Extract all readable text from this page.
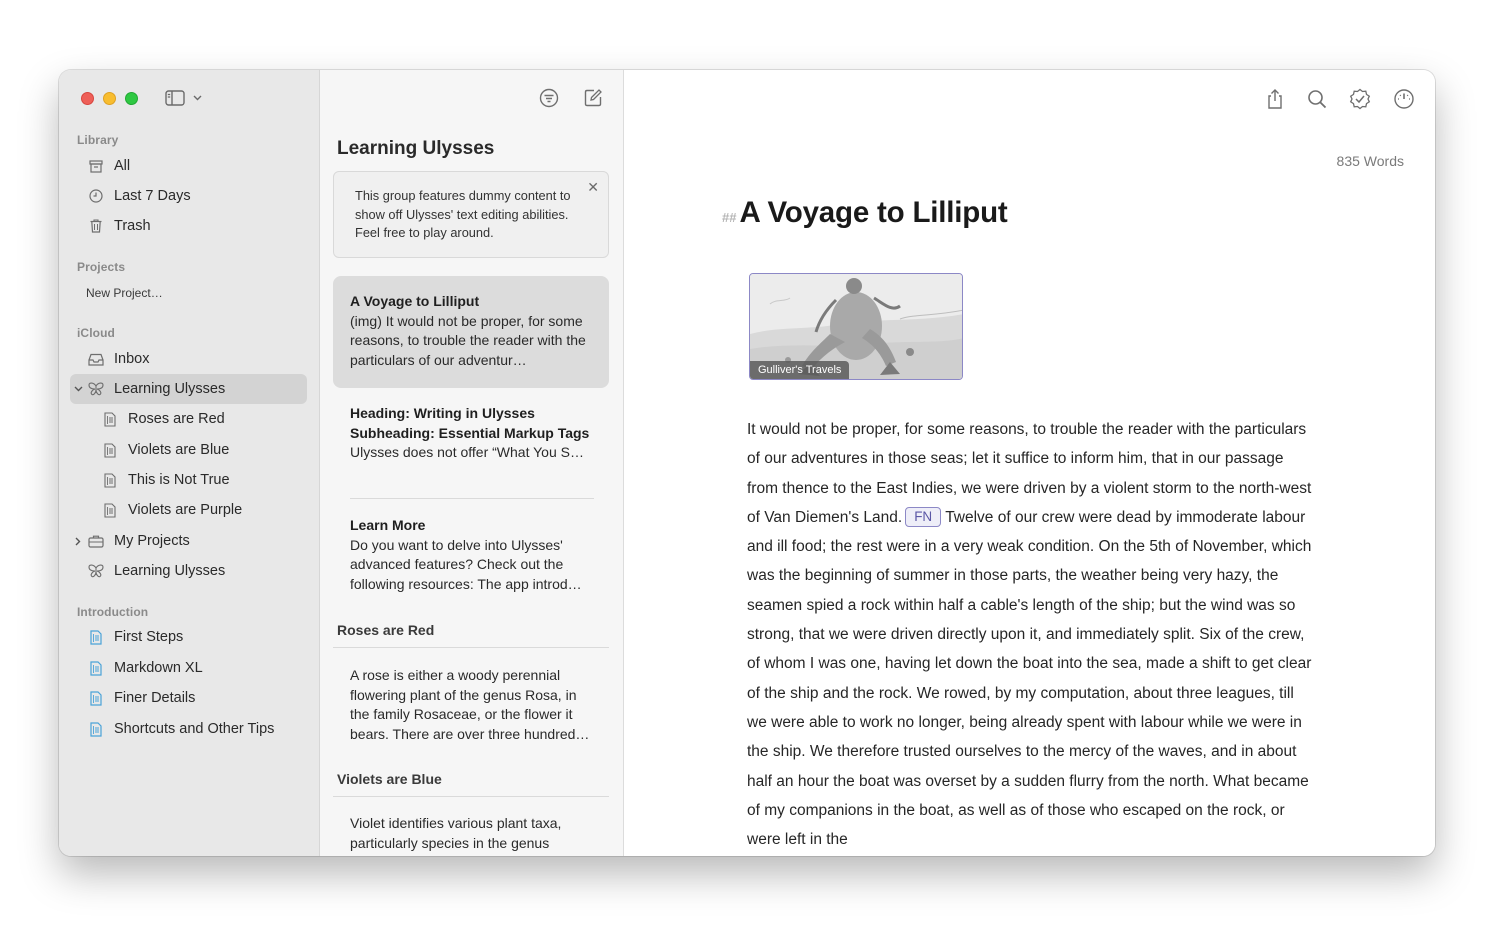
Library
All
Last 7 Days
Trash
Projects
New Project…
iCloud
Inbox
Learning Ulysses
Roses are Red
Violets are Blue
This is Not True
Violets are Purple
My Projects
Learning Ulysses
Introduction
First Steps
Markdown XL
Finer Details
Shortcuts and Other Tips
Learning Ulysses
This group features dummy content to show off Ulysses' text editing abilities. Feel free to play around.
✕
A Voyage to Lilliput
(img) It would not be proper, for some reasons, to trouble the reader with the particulars of our adventur…
Heading: Writing in Ulysses Subheading: Essential Markup Tags
Ulysses does not offer “What You S…
Learn More
Do you want to delve into Ulysses' advanced features? Check out the following resources: The app introd…
Roses are Red
A rose is either a woody perennial flowering plant of the genus Rosa, in the family Rosaceae, or the flower it bears. There are over three hundred…
Violets are Blue
Violet identifies various plant taxa, particularly species in the genus
835 Words
## A Voyage to Lilliput
Gulliver's Travels
It would not be proper, for some reasons, to trouble the reader with the particulars of our adventures in those seas; let it suffice to inform him, that in our passage from thence to the East Indies, we were driven by a violent storm to the north-west of Van Diemen's Land. FN Twelve of our crew were dead by immoderate labour and ill food; the rest were in a very weak condition. On the 5th of November, which was the beginning of summer in those parts, the weather being very hazy, the seamen spied a rock within half a cable's length of the ship; but the wind was so strong, that we were driven directly upon it, and immediately split. Six of the crew, of whom I was one, having let down the boat into the sea, made a shift to get clear of the ship and the rock. We rowed, by my computation, about three leagues, till we were able to work no longer, being already spent with labour while we were in the ship. We therefore trusted ourselves to the mercy of the waves, and in about half an hour the boat was overset by a sudden flurry from the north. What became of my companions in the boat, as well as of those who escaped on the rock, or were left in the
